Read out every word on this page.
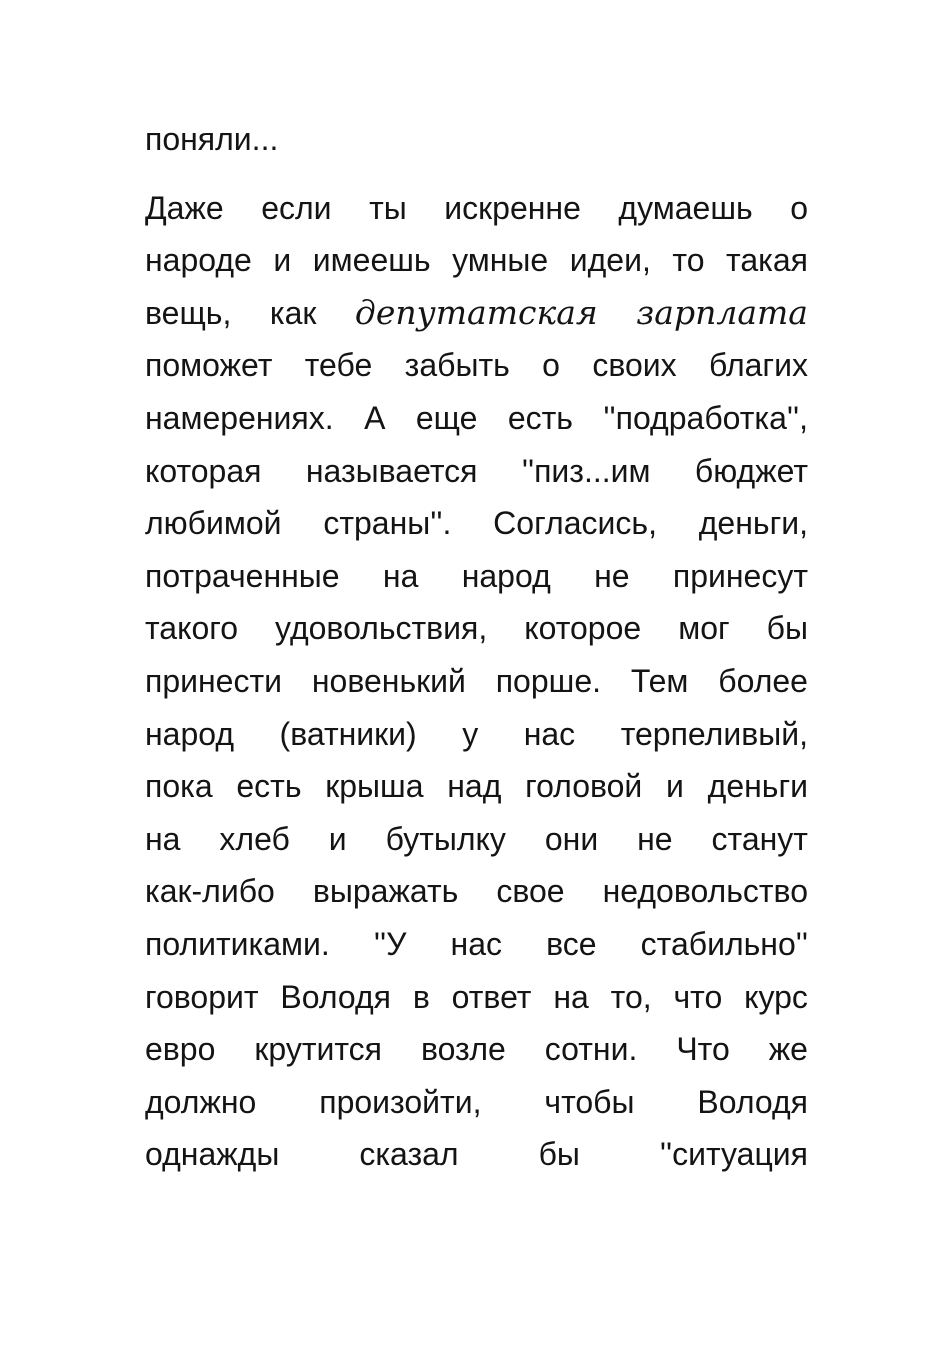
поняли...
Даже если ты искренне думаешь о
народе и имеешь умные идеи, то такая
вещь, как депутатская зарплата
поможет тебе забыть о своих благих
намерениях. А еще есть ''подработка'',
которая называется ''пиз...им бюджет
любимой страны''. Согласись, деньги,
потраченные на народ не принесут
такого удовольствия, которое мог бы
принести новенький порше. Тем более
народ (ватники) у нас терпеливый,
пока есть крыша над головой и деньги
на хлеб и бутылку они не станут
как-либо выражать свое недовольство
политиками. ''У нас все стабильно''
говорит Володя в ответ на то, что курс
евро крутится возле сотни. Что же
должно произойти, чтобы Володя
однажды	сказал	бы	''ситуация
